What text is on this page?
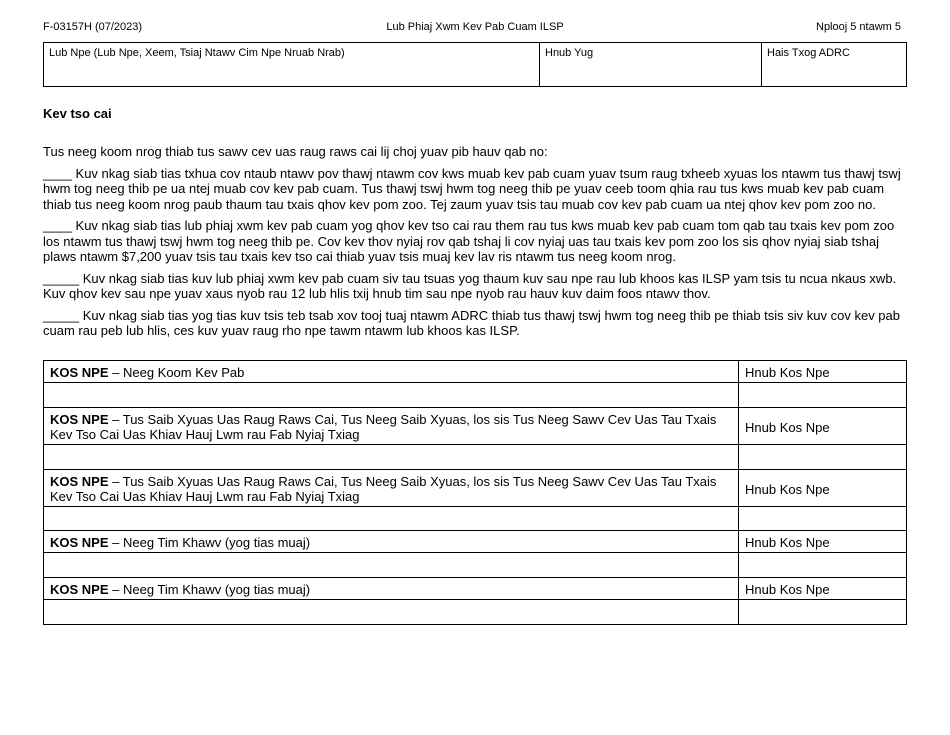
F-03157H (07/2023)	Lub Phiaj Xwm Kev Pab Cuam ILSP	Nplooj 5 ntawm 5
Lub Npe (Lub Npe, Xeem, Tsiaj Ntawv Cim Npe Nruab Nrab)	Hnub Yug	Hais Txog ADRC
Kev tso cai

Tus neeg koom nrog thiab tus sawv cev uas raug raws cai lij choj yuav pib hauv qab no:

____ Kuv nkag siab tias txhua cov ntaub ntawv pov thawj ntawm cov kws muab kev pab cuam yuav tsum raug txheeb xyuas los ntawm tus thawj tswj hwm tog neeg thib pe ua ntej muab cov kev pab cuam. Tus thawj tswj hwm tog neeg thib pe yuav ceeb toom qhia rau tus kws muab kev pab cuam thiab tus neeg koom nrog paub thaum tau txais qhov kev pom zoo. Tej zaum yuav tsis tau muab cov kev pab cuam ua ntej qhov kev pom zoo no.

____ Kuv nkag siab tias lub phiaj xwm kev pab cuam yog qhov kev tso cai rau them rau tus kws muab kev pab cuam tom qab tau txais kev pom zoo los ntawm tus thawj tswj hwm tog neeg thib pe. Cov kev thov nyiaj rov qab tshaj li cov nyiaj uas tau txais kev pom zoo los sis qhov nyiaj siab tshaj plaws ntawm $7,200 yuav tsis tau txais kev tso cai thiab yuav tsis muaj kev lav ris ntawm tus neeg koom nrog.

_____ Kuv nkag siab tias kuv lub phiaj xwm kev pab cuam siv tau tsuas yog thaum kuv sau npe rau lub khoos kas ILSP yam tsis tu ncua nkaus xwb. Kuv qhov kev sau npe yuav xaus nyob rau 12 lub hlis txij hnub tim sau npe nyob rau hauv kuv daim foos ntawv thov.

_____ Kuv nkag siab tias yog tias kuv tsis teb tsab xov tooj tuaj ntawm ADRC thiab tus thawj tswj hwm tog neeg thib pe thiab tsis siv kuv cov kev pab cuam rau peb lub hlis, ces kuv yuav raug rho npe tawm ntawm lub khoos kas ILSP.

KOS NPE – Neeg Koom Kev Pab	Hnub Kos Npe

KOS NPE – Tus Saib Xyuas Uas Raug Raws Cai, Tus Neeg Saib Xyuas, los sis Tus Neeg Sawv Cev Uas Tau Txais Kev Tso Cai Uas Khiav Hauj Lwm rau Fab Nyiaj Txiag	Hnub Kos Npe

KOS NPE – Tus Saib Xyuas Uas Raug Raws Cai, Tus Neeg Saib Xyuas, los sis Tus Neeg Sawv Cev Uas Tau Txais Kev Tso Cai Uas Khiav Hauj Lwm rau Fab Nyiaj Txiag	Hnub Kos Npe

KOS NPE – Neeg Tim Khawv (yog tias muaj)	Hnub Kos Npe

KOS NPE – Neeg Tim Khawv (yog tias muaj)	Hnub Kos Npe
